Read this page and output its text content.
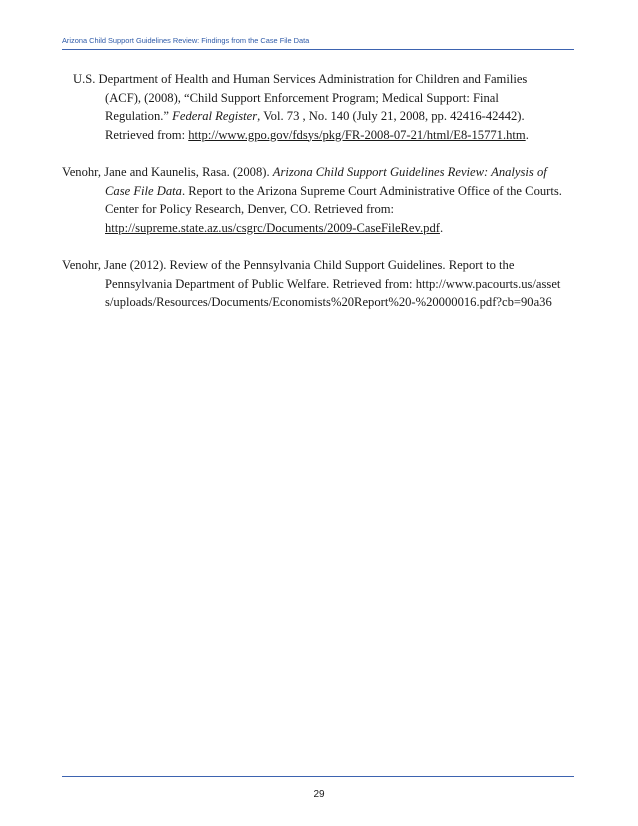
Arizona Child Support Guidelines Review: Findings from the Case File Data

U.S. Department of Health and Human Services Administration for Children and Families (ACF), (2008), “Child Support Enforcement Program; Medical Support: Final Regulation.” Federal Register, Vol. 73 , No. 140 (July 21, 2008, pp. 42416-42442). Retrieved from: http://www.gpo.gov/fdsys/pkg/FR-2008-07-21/html/E8-15771.htm.

Venohr, Jane and Kaunelis, Rasa. (2008). Arizona Child Support Guidelines Review: Analysis of Case File Data. Report to the Arizona Supreme Court Administrative Office of the Courts. Center for Policy Research, Denver, CO. Retrieved from: http://supreme.state.az.us/csgrc/Documents/2009-CaseFileRev.pdf.

Venohr, Jane (2012). Review of the Pennsylvania Child Support Guidelines. Report to the Pennsylvania Department of Public Welfare. Retrieved from: http://www.pacourts.us/assets/uploads/Resources/Documents/Economists%20Report%20-%20000016.pdf?cb=90a36

29
